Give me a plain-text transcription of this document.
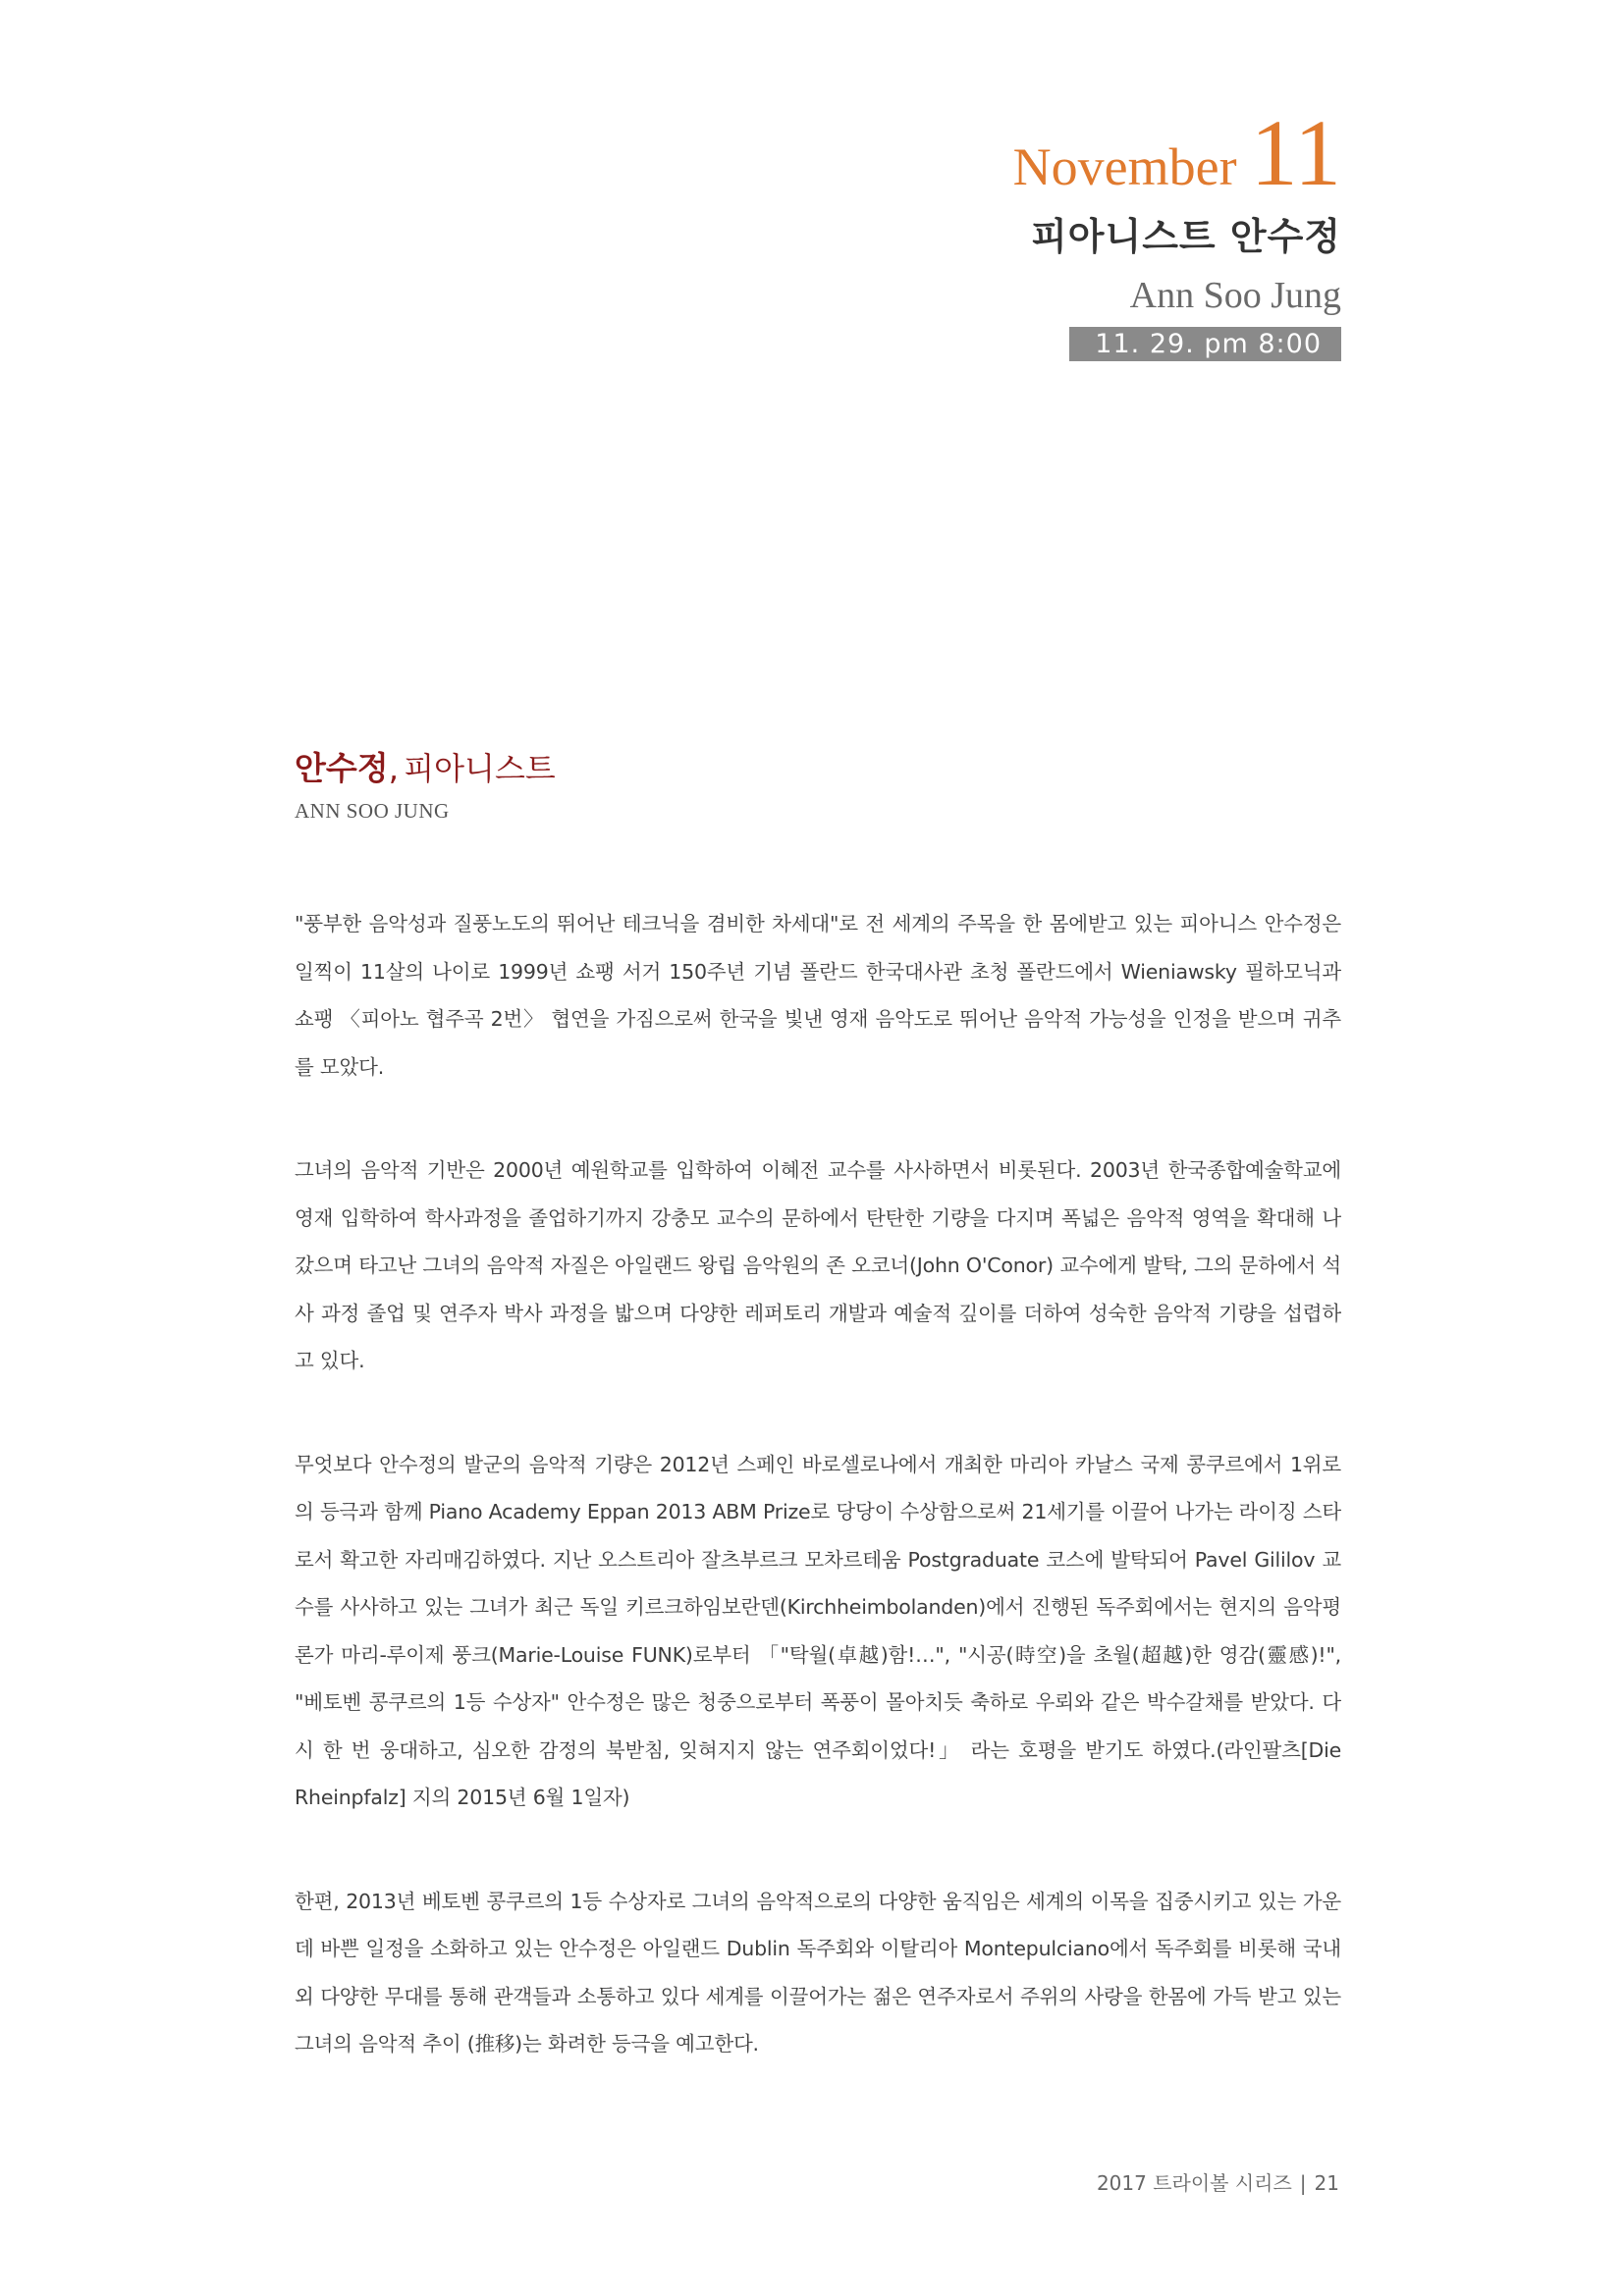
November 11
피아니스트 안수정
Ann Soo Jung
11. 29. pm 8:00
안수정, 피아니스트
ANN SOO JUNG

"풍부한 음악성과 질풍노도의 뛰어난 테크닉을 겸비한 차세대"로 전 세계의 주목을 한 몸에받고 있는 피아니스 안수정은 일찍이 11살의 나이로 1999년 쇼팽 서거 150주년 기념 폴란드 한국대사관 초청 폴란드에서 Wieniawsky 필하모닉과 쇼팽 〈피아노 협주곡 2번〉 협연을 가짐으로써 한국을 빛낸 영재 음악도로 뛰어난 음악적 가능성을 인정을 받으며 귀추를 모았다.

그녀의 음악적 기반은 2000년 예원학교를 입학하여 이혜전 교수를 사사하면서 비롯된다. 2003년 한국종합예술학교에 영재 입학하여 학사과정을 졸업하기까지 강충모 교수의 문하에서 탄탄한 기량을 다지며 폭넓은 음악적 영역을 확대해 나갔으며 타고난 그녀의 음악적 자질은 아일랜드 왕립 음악원의 존 오코너(John O'Conor) 교수에게 발탁, 그의 문하에서 석사 과정 졸업 및 연주자 박사 과정을 밟으며 다양한 레퍼토리 개발과 예술적 깊이를 더하여 성숙한 음악적 기량을 섭렵하고 있다.

무엇보다 안수정의 발군의 음악적 기량은 2012년 스페인 바로셀로나에서 개최한 마리아 카날스 국제 콩쿠르에서 1위로의 등극과 함께 Piano Academy Eppan 2013 ABM Prize로 당당이 수상함으로써 21세기를 이끌어 나가는 라이징 스타로서 확고한 자리매김하였다. 지난 오스트리아 잘츠부르크 모차르테움 Postgraduate 코스에 발탁되어 Pavel Gililov 교수를 사사하고 있는 그녀가 최근 독일 키르크하임보란덴(Kirchheimbolanden)에서 진행된 독주회에서는 현지의 음악평론가 마리-루이제 풍크(Marie-Louise FUNK)로부터 「"탁월(卓越)함!…", "시공(時空)을 초월(超越)한 영감(靈感)!", "베토벤 콩쿠르의 1등 수상자" 안수정은 많은 청중으로부터 폭풍이 몰아치듯 축하로 우뢰와 같은 박수갈채를 받았다. 다시 한 번 웅대하고, 심오한 감정의 북받침, 잊혀지지 않는 연주회이었다!」 라는 호평을 받기도 하였다.(라인팔츠[Die Rheinpfalz] 지의 2015년 6월 1일자)

한편, 2013년 베토벤 콩쿠르의 1등 수상자로 그녀의 음악적으로의 다양한 움직임은 세계의 이목을 집중시키고 있는 가운데 바쁜 일정을 소화하고 있는 안수정은 아일랜드 Dublin 독주회와 이탈리아 Montepulciano에서 독주회를 비롯해 국내외 다양한 무대를 통해 관객들과 소통하고 있다 세계를 이끌어가는 젊은 연주자로서 주위의 사랑을 한몸에 가득 받고 있는 그녀의 음악적 추이 (推移)는 화려한 등극을 예고한다.

2017 트라이볼 시리즈 | 21
